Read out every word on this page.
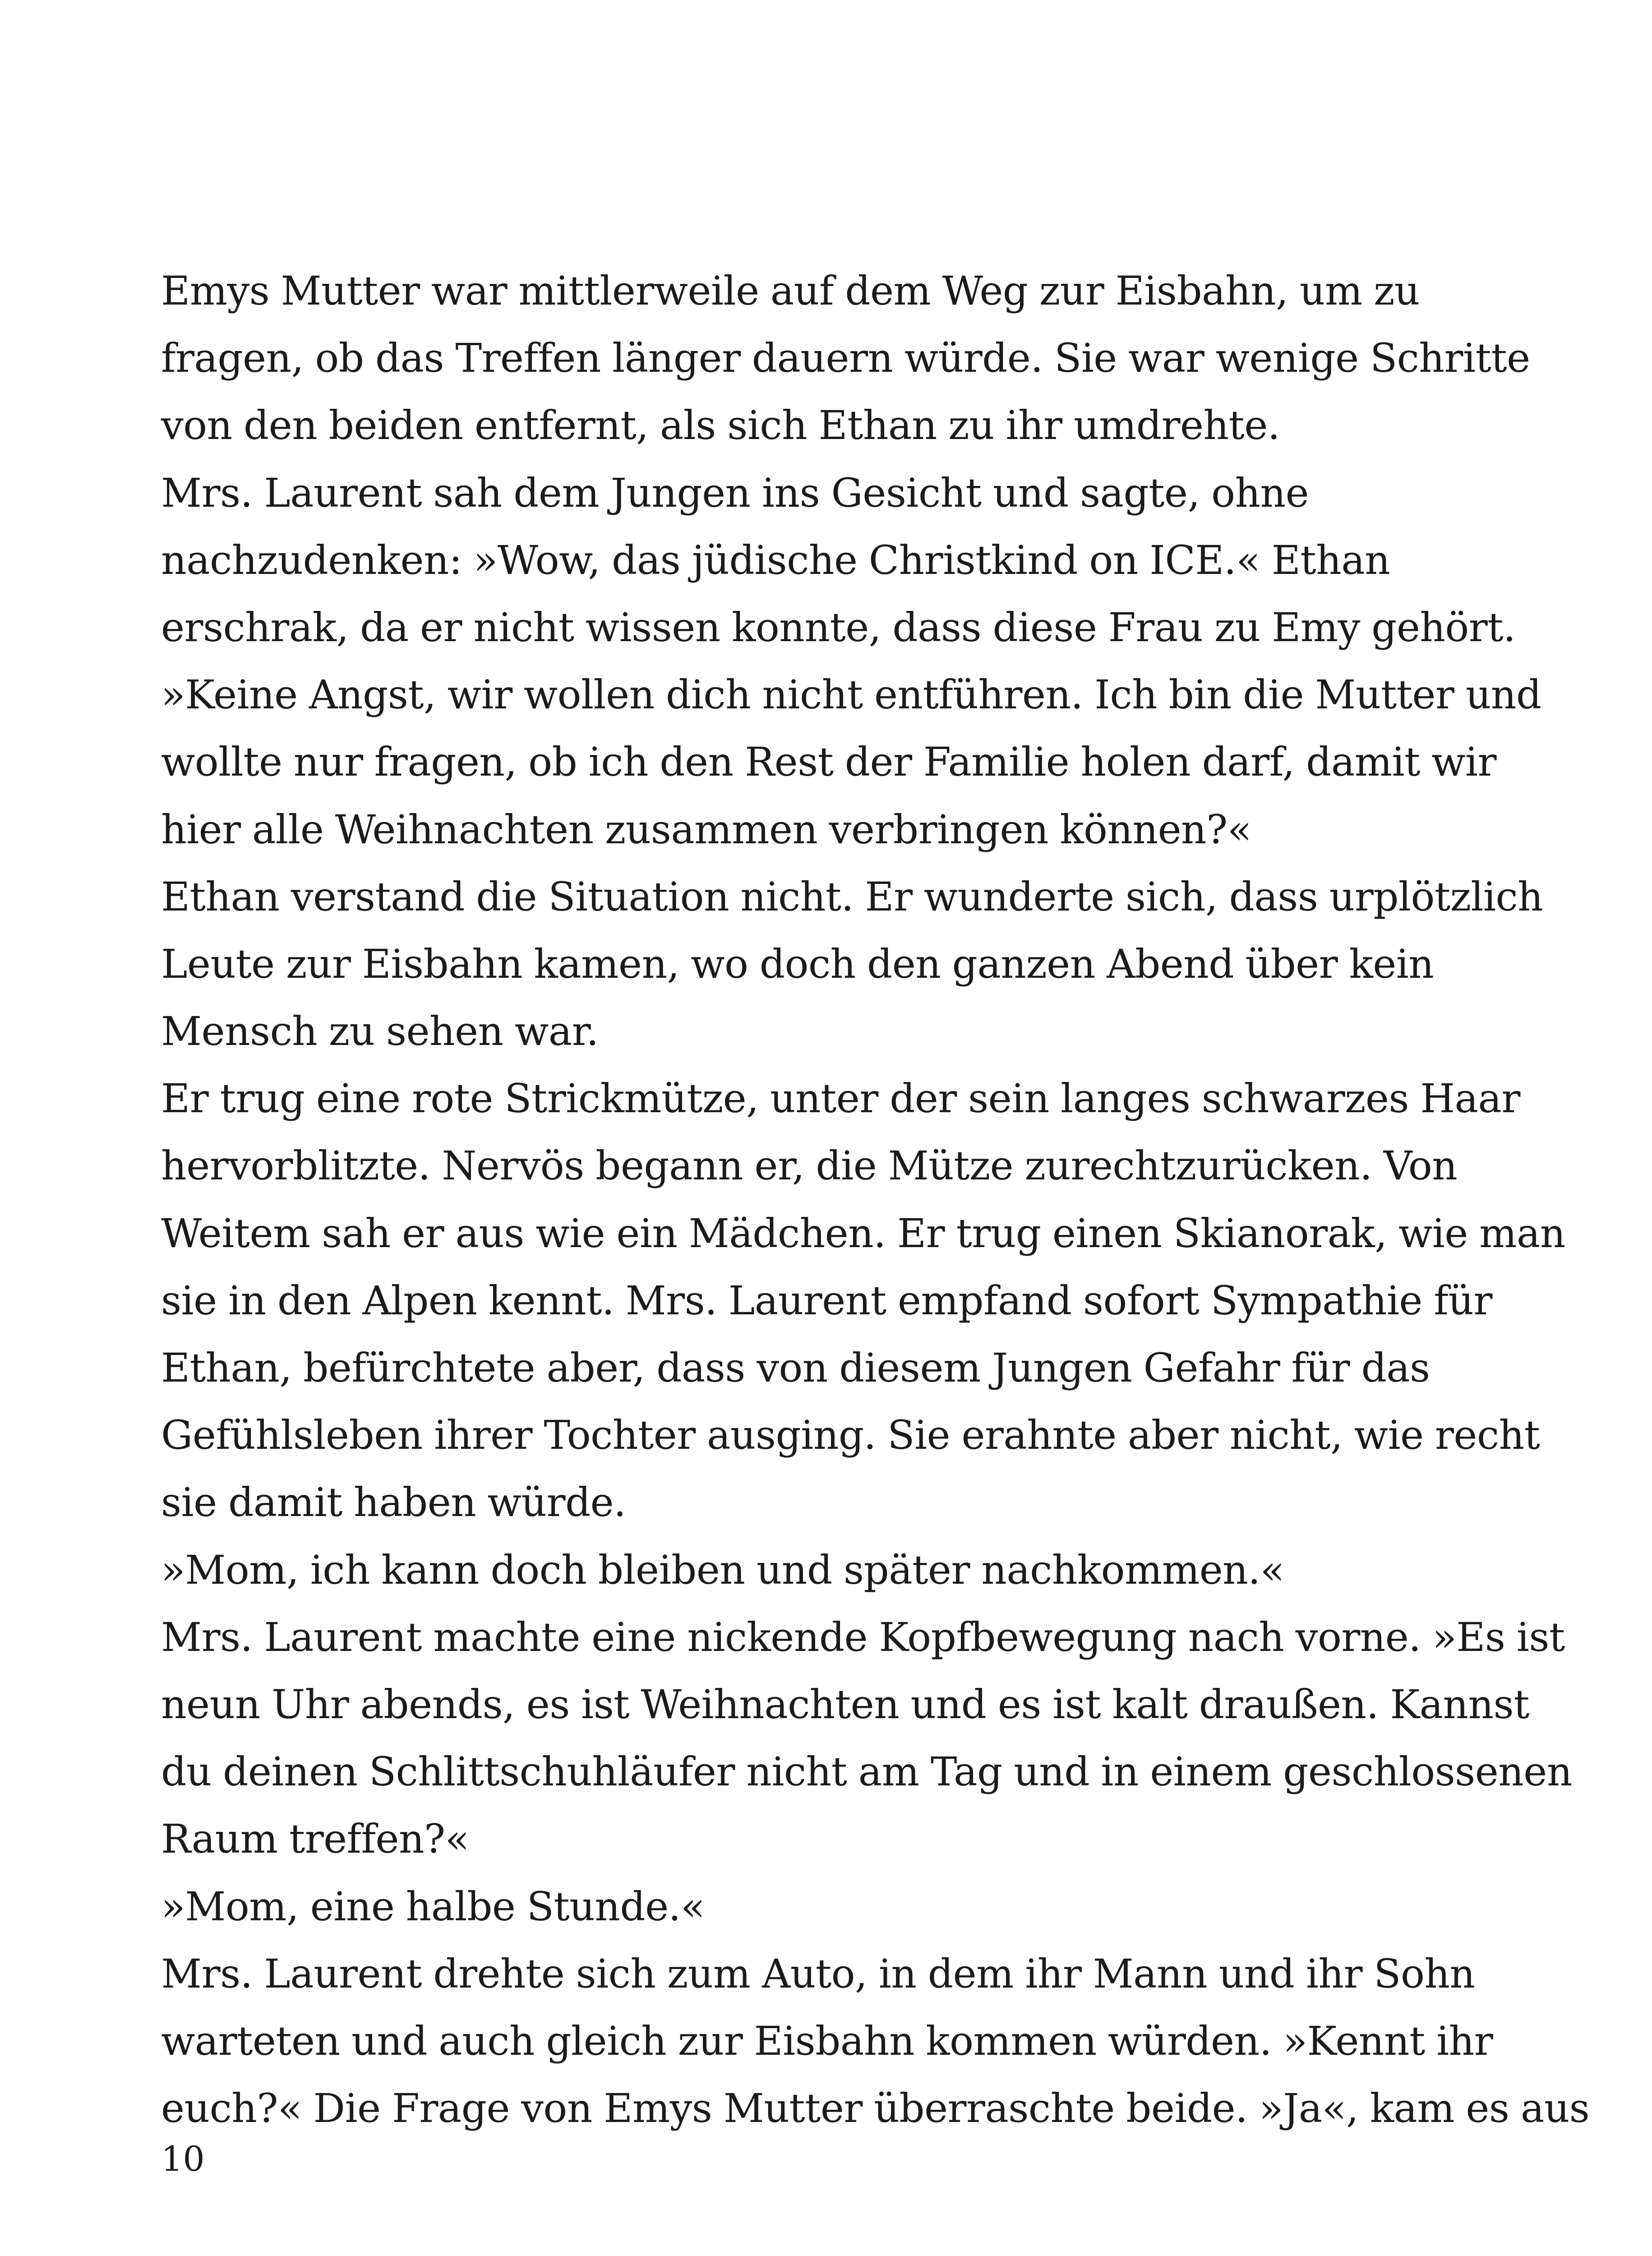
Emys Mutter war mittlerweile auf dem Weg zur Eisbahn, um zu
fragen, ob das Treffen länger dauern würde. Sie war wenige Schritte
von den beiden entfernt, als sich Ethan zu ihr umdrehte.
Mrs. Laurent sah dem Jungen ins Gesicht und sagte, ohne
nachzudenken: »Wow, das jüdische Christkind on ICE.« Ethan
erschrak, da er nicht wissen konnte, dass diese Frau zu Emy gehört.
»Keine Angst, wir wollen dich nicht entführen. Ich bin die Mutter und
wollte nur fragen, ob ich den Rest der Familie holen darf, damit wir
hier alle Weihnachten zusammen verbringen können?«
Ethan verstand die Situation nicht. Er wunderte sich, dass urplötzlich
Leute zur Eisbahn kamen, wo doch den ganzen Abend über kein
Mensch zu sehen war.
Er trug eine rote Strickmütze, unter der sein langes schwarzes Haar
hervorblitzte. Nervös begann er, die Mütze zurechtzurücken. Von
Weitem sah er aus wie ein Mädchen. Er trug einen Skianorak, wie man
sie in den Alpen kennt. Mrs. Laurent empfand sofort Sympathie für
Ethan, befürchtete aber, dass von diesem Jungen Gefahr für das
Gefühlsleben ihrer Tochter ausging. Sie erahnte aber nicht, wie recht
sie damit haben würde.
»Mom, ich kann doch bleiben und später nachkommen.«
Mrs. Laurent machte eine nickende Kopfbewegung nach vorne. »Es ist
neun Uhr abends, es ist Weihnachten und es ist kalt draußen. Kannst
du deinen Schlittschuhläufer nicht am Tag und in einem geschlossenen
Raum treffen?«
»Mom, eine halbe Stunde.«
Mrs. Laurent drehte sich zum Auto, in dem ihr Mann und ihr Sohn
warteten und auch gleich zur Eisbahn kommen würden. »Kennt ihr
euch?« Die Frage von Emys Mutter überraschte beide. »Ja«, kam es aus
10
